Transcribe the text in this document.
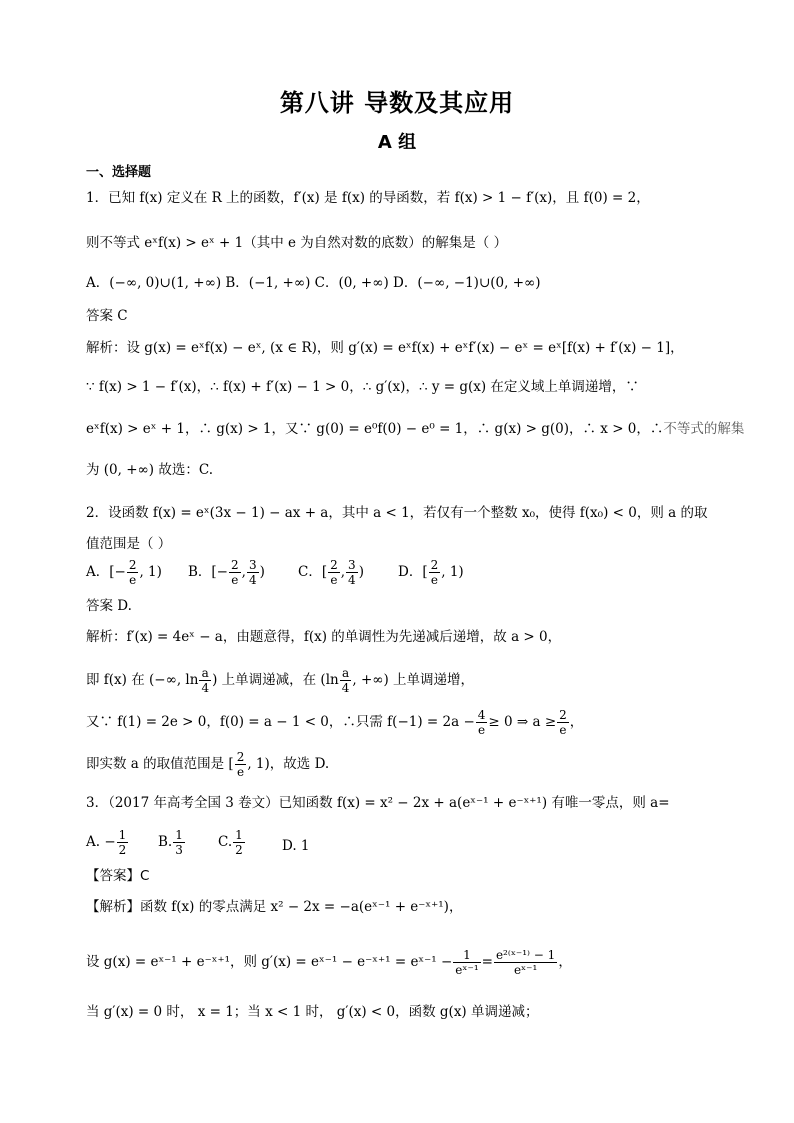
第八讲 导数及其应用
A 组
一、选择题
1．已知 f(x) 定义在 R 上的函数，f′(x) 是 f(x) 的导函数，若 f(x) > 1 − f′(x)，且 f(0) = 2，
则不等式 eˣf(x) > eˣ + 1（其中 e 为自然对数的底数）的解集是（ ）
A．(−∞, 0)∪(1, +∞) B．(−1, +∞) C．(0, +∞) D．(−∞, −1)∪(0, +∞)
答案 C
解析：设 g(x) = eˣf(x) − eˣ, (x ∈ R)，则 g′(x) = eˣf(x) + eˣf′(x) − eˣ = eˣ[f(x) + f′(x) − 1]，
∵ f(x) > 1 − f′(x)，∴ f(x) + f′(x) − 1 > 0，∴ g′(x)，∴ y = g(x) 在定义域上单调递增，∵
eˣf(x) > eˣ + 1，∴ g(x) > 1，又∵ g(0) = e⁰f(0) − e⁰ = 1，∴ g(x) > g(0)，∴ x > 0，∴不等式的解集
为 (0, +∞) 故选：C.
2．设函数 f(x) = eˣ(3x − 1) − ax + a，其中 a < 1，若仅有一个整数 x₀，使得 f(x₀) < 0，则 a 的取
值范围是（ ）
A．[− $\frac{2}{e}$ , 1) B．[− $\frac{2}{e}$ , $\frac{3}{4}$ ) C．[ $\frac{2}{e}$ , $\frac{3}{4}$ )	D．[ $\frac{2}{e}$ , 1)
答案 D.
解析：f′(x) = 4eˣ − a，由题意得，f(x) 的单调性为先递减后递增，故 a > 0，
即 f(x) 在 (−∞, $\ln \frac{a}{4}$ ) 上单调递减，在 ($\ln \frac{a}{4}$ , +∞) 上单调递增，
又∵ f(1) = 2e > 0，f(0) = a − 1 < 0，∴只需 $f(-1) = 2a - \frac{4}{e} \ge 0$ ⇒ $a \ge \frac{2}{e}$ ，
即实数 a 的取值范围是 [ $\frac{2}{e}$ , 1)，故选 D.
3．（2017 年高考全国 3 卷文）已知函数 f(x) = x² − 2x + a(eˣ⁻¹ + e⁻ˣ⁺¹) 有唯一零点，则 a=
A. − $\frac{1}{2} B$. $\frac{1}{3} C$. $\frac{1}{2}$	D. 1
【答案】C
【解析】函数 f(x) 的零点满足 x² − 2x = −a(eˣ⁻¹ + e⁻ˣ⁺¹)，
设 g(x) = eˣ⁻¹ + e⁻ˣ⁺¹，则 g′(x) = eˣ⁻¹ − e⁻ˣ⁺¹ = eˣ⁻¹ − $\frac{1}{\text{eˣ⁻¹}} = \frac{\text{e²⁽ˣ⁻¹⁾ − 1}}{\text{eˣ⁻¹}}$ ，
当 g′(x) = 0 时， x = 1；当 x < 1 时， g′(x) < 0，函数 g(x) 单调递减；
